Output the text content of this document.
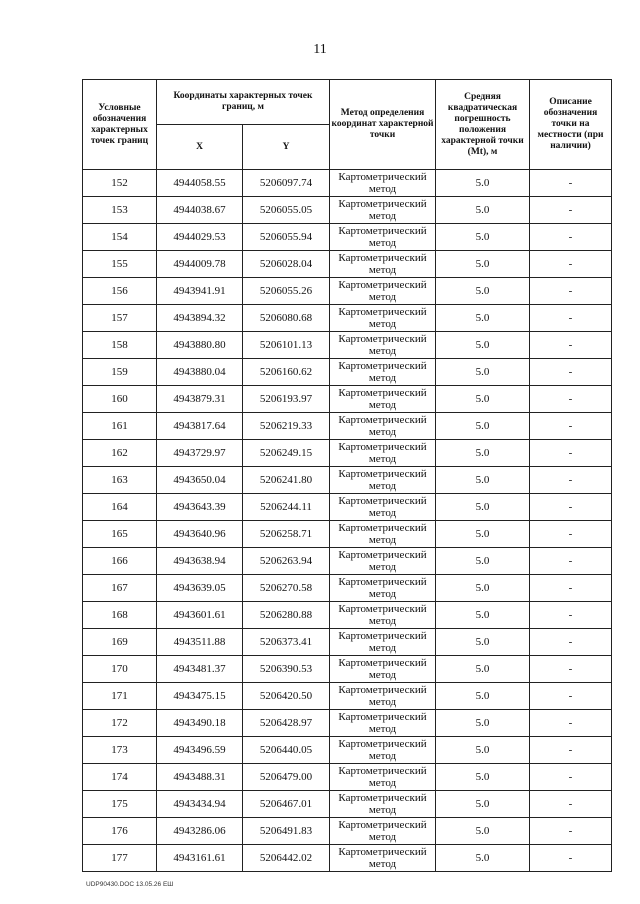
11
Условные обозначения характерных точек границ	Координаты характерных точек границ, м		Метод определения координат характерной точки	Средняя квадратическая погрешность положения характерной точки (Mt), м	Описание обозначения точки на местности (при наличии)
	X	Y			
152	4944058.55	5206097.74	Картометрический метод	5.0	-
153	4944038.67	5206055.05	Картометрический метод	5.0	-
154	4944029.53	5206055.94	Картометрический метод	5.0	-
155	4944009.78	5206028.04	Картометрический метод	5.0	-
156	4943941.91	5206055.26	Картометрический метод	5.0	-
157	4943894.32	5206080.68	Картометрический метод	5.0	-
158	4943880.80	5206101.13	Картометрический метод	5.0	-
159	4943880.04	5206160.62	Картометрический метод	5.0	-
160	4943879.31	5206193.97	Картометрический метод	5.0	-
161	4943817.64	5206219.33	Картометрический метод	5.0	-
162	4943729.97	5206249.15	Картометрический метод	5.0	-
163	4943650.04	5206241.80	Картометрический метод	5.0	-
164	4943643.39	5206244.11	Картометрический метод	5.0	-
165	4943640.96	5206258.71	Картометрический метод	5.0	-
166	4943638.94	5206263.94	Картометрический метод	5.0	-
167	4943639.05	5206270.58	Картометрический метод	5.0	-
168	4943601.61	5206280.88	Картометрический метод	5.0	-
169	4943511.88	5206373.41	Картометрический метод	5.0	-
170	4943481.37	5206390.53	Картометрический метод	5.0	-
171	4943475.15	5206420.50	Картометрический метод	5.0	-
172	4943490.18	5206428.97	Картометрический метод	5.0	-
173	4943496.59	5206440.05	Картометрический метод	5.0	-
174	4943488.31	5206479.00	Картометрический метод	5.0	-
175	4943434.94	5206467.01	Картометрический метод	5.0	-
176	4943286.06	5206491.83	Картометрический метод	5.0	-
177	4943161.61	5206442.02	Картометрический метод	5.0	-
UDP90430.DOC 13.05.26 ЕШ
